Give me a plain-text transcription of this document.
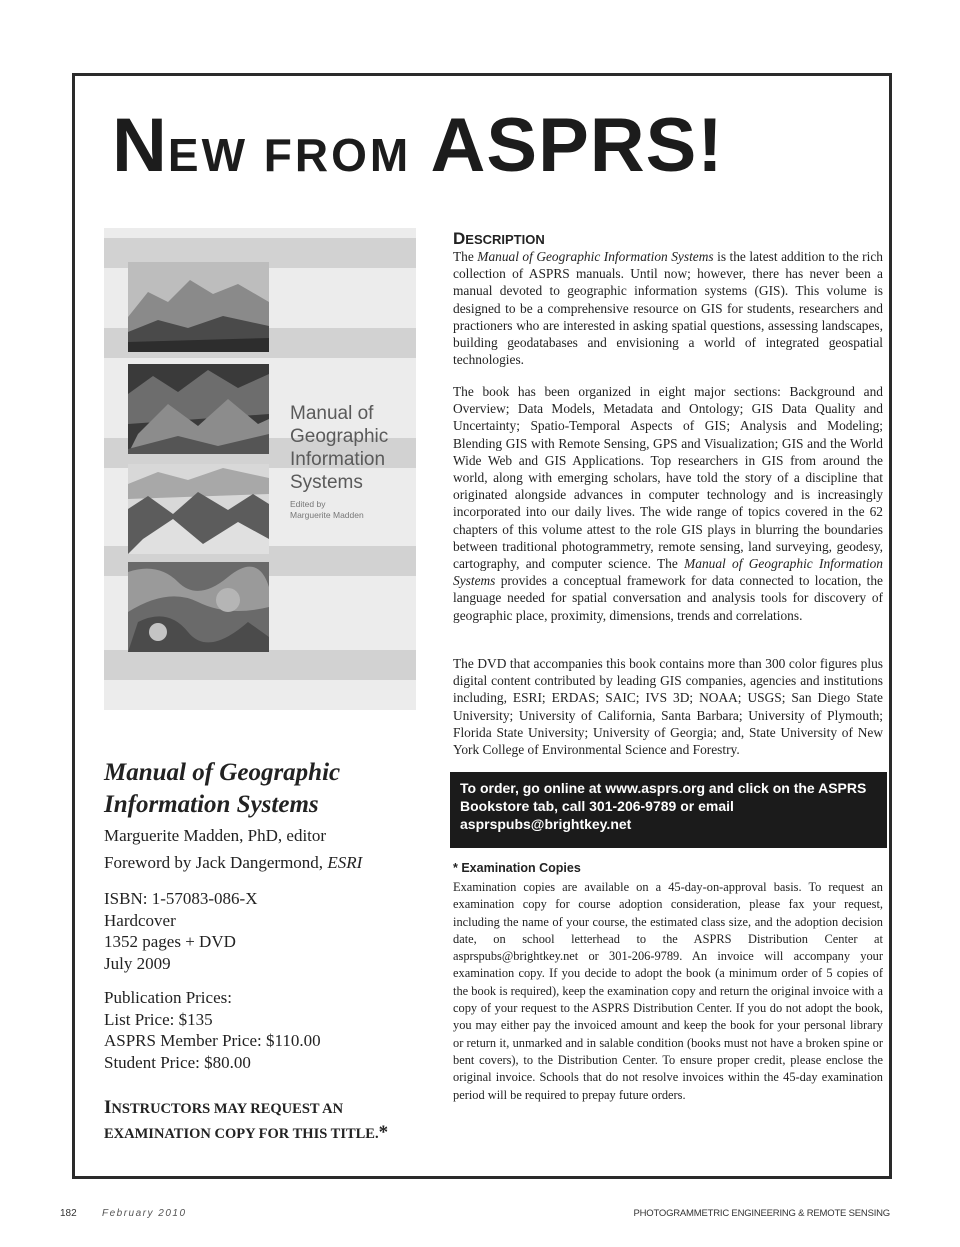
NEW FROM ASPRS!
Manual of Geographic Information Systems
Edited by
Marguerite Madden
Manual of Geographic Information Systems
Marguerite Madden, PhD, editor
Foreword by Jack Dangermond, ESRI
ISBN: 1-57083-086-X
Hardcover
1352 pages + DVD
July 2009
Publication Prices:
List Price: $135
ASPRS Member Price: $110.00
Student Price: $80.00

INSTRUCTORS MAY REQUEST AN EXAMINATION COPY FOR THIS TITLE.*

DESCRIPTION

The Manual of Geographic Information Systems is the latest addition to the rich collection of ASPRS manuals. Until now; however, there has never been a manual devoted to geographic information systems (GIS). This volume is designed to be a comprehensive resource on GIS for students, researchers and practioners who are interested in asking spatial questions, assessing landscapes, building geodatabases and envisioning a world of integrated geospatial technologies.

The book has been organized in eight major sections: Background and Overview; Data Models, Metadata and Ontology; GIS Data Quality and Uncertainty; Spatio-Temporal Aspects of GIS; Analysis and Modeling; Blending GIS with Remote Sensing, GPS and Visualization; GIS and the World Wide Web and GIS Applications. Top researchers in GIS from around the world, along with emerging scholars, have told the story of a discipline that originated alongside advances in computer technology and is increasingly incorporated into our daily lives. The wide range of topics covered in the 62 chapters of this volume attest to the role GIS plays in blurring the boundaries between traditional photogrammetry, remote sensing, land surveying, geodesy, cartography, and computer science. The Manual of Geographic Information Systems provides a conceptual framework for data connected to location, the language needed for spatial conversation and analysis tools for discovery of geographic place, proximity, dimensions, trends and correlations.

The DVD that accompanies this book contains more than 300 color figures plus digital content contributed by leading GIS companies, agencies and institutions including, ESRI; ERDAS; SAIC; IVS 3D; NOAA; USGS; San Diego State University; University of California, Santa Barbara; University of Plymouth; Florida State University; University of Georgia; and, State University of New York College of Environmental Science and Forestry.

To order, go online at www.asprs.org and click on the ASPRS Bookstore tab, call 301-206-9789 or email asprspubs@brightkey.net
* Examination Copies

Examination copies are available on a 45-day-on-approval basis. To request an examination copy for course adoption consideration, please fax your request, including the name of your course, the estimated class size, and the adoption decision date, on school letterhead to the ASPRS Distribution Center at asprspubs@brightkey.net or 301-206-9789. An invoice will accompany your examination copy. If you decide to adopt the book (a minimum order of 5 copies of the book is required), keep the examination copy and return the original invoice with a copy of your request to the ASPRS Distribution Center. If you do not adopt the book, you may either pay the invoiced amount and keep the book for your personal library or return it, unmarked and in salable condition (books must not have a broken spine or bent covers), to the Distribution Center. To ensure proper credit, please enclose the original invoice. Schools that do not resolve invoices within the 45-day examination period will be required to prepay future orders.

182	February 2010	PHOTOGRAMMETRIC ENGINEERING & REMOTE SENSING
